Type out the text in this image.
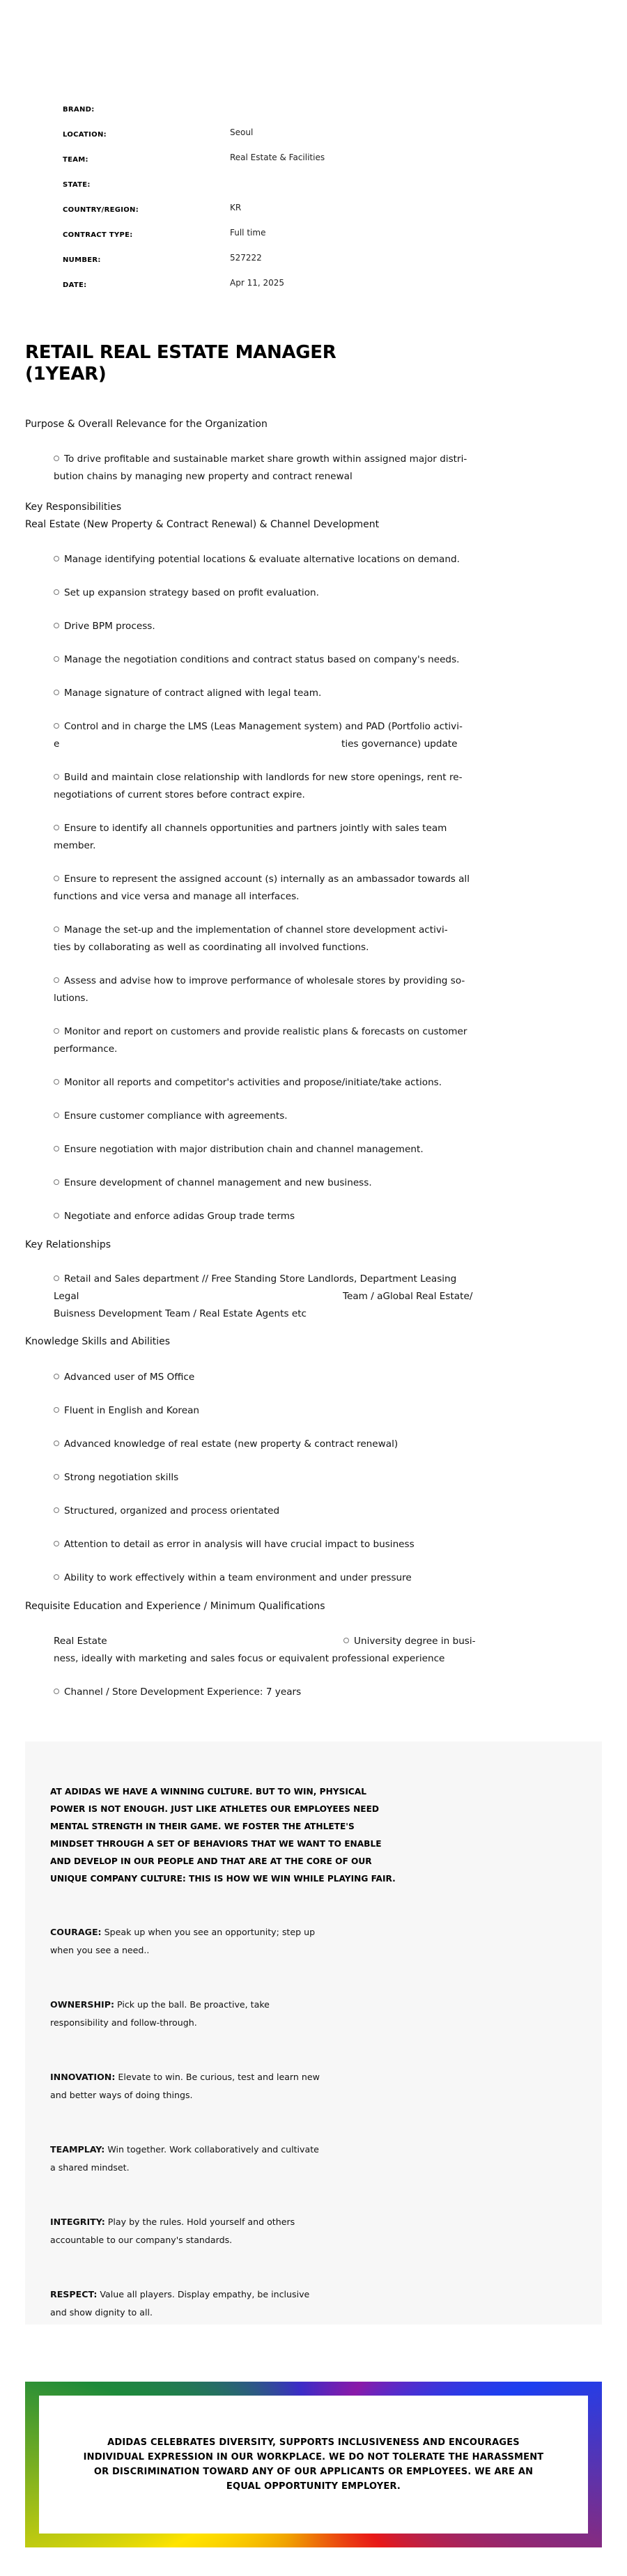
BRAND:
LOCATION:	Seoul
TEAM:	Real Estate & Facilities
STATE:
COUNTRY/REGION:	KR
CONTRACT TYPE:	Full time
NUMBER:	527222
DATE:	Apr 11, 2025
RETAIL REAL ESTATE MANAGER
(1YEAR)
Purpose & Overall Relevance for the Organization
To drive profitable and sustainable market share growth within assigned major distri-
bution chains by managing new property and contract renewal
Key Responsibilities
Real Estate (New Property & Contract Renewal) & Channel Development
Manage identifying potential locations & evaluate alternative locations on demand.
Set up expansion strategy based on profit evaluation.
Drive BPM process.
Manage the negotiation conditions and contract status based on company's needs.
Manage signature of contract aligned with legal team.
Control and in charge the LMS (Leas Management system) and PAD (Portfolio activi-
e	ties governance) update
Build and maintain close relationship with landlords for new store openings, rent re-
negotiations of current stores before contract expire.
Ensure to identify all channels opportunities and partners jointly with sales team
member.
Ensure to represent the assigned account (s) internally as an ambassador towards all
functions and vice versa and manage all interfaces.
Manage the set-up and the implementation of channel store development activi-
ties by collaborating as well as coordinating all involved functions.
Assess and advise how to improve performance of wholesale stores by providing so-
lutions.
Monitor and report on customers and provide realistic plans & forecasts on customer
performance.
Monitor all reports and competitor's activities and propose/initiate/take actions.
Ensure customer compliance with agreements.
Ensure negotiation with major distribution chain and channel management.
Ensure development of channel management and new business.
Negotiate and enforce adidas Group trade terms
Key Relationships
Retail and Sales department // Free Standing Store Landlords, Department Leasing
Legal	Team / aGlobal Real Estate/
Buisness Development Team / Real Estate Agents etc
Knowledge Skills and Abilities
Advanced user of MS Office
Fluent in English and Korean
Advanced knowledge of real estate (new property & contract renewal)
Strong negotiation skills
Structured, organized and process orientated
Attention to detail as error in analysis will have crucial impact to business
Ability to work effectively within a team environment and under pressure
Requisite Education and Experience / Minimum Qualifications
Real Estate	University degree in busi-
ness, ideally with marketing and sales focus or equivalent professional experience
Channel / Store Development Experience: 7 years
AT ADIDAS WE HAVE A WINNING CULTURE. BUT TO WIN, PHYSICAL
POWER IS NOT ENOUGH. JUST LIKE ATHLETES OUR EMPLOYEES NEED
MENTAL STRENGTH IN THEIR GAME. WE FOSTER THE ATHLETE'S
MINDSET THROUGH A SET OF BEHAVIORS THAT WE WANT TO ENABLE
AND DEVELOP IN OUR PEOPLE AND THAT ARE AT THE CORE OF OUR
UNIQUE COMPANY CULTURE: THIS IS HOW WE WIN WHILE PLAYING FAIR.
COURAGE: Speak up when you see an opportunity; step up
when you see a need..
OWNERSHIP: Pick up the ball. Be proactive, take
responsibility and follow-through.
INNOVATION: Elevate to win. Be curious, test and learn new
and better ways of doing things.
TEAMPLAY: Win together. Work collaboratively and cultivate
a shared mindset.
INTEGRITY: Play by the rules. Hold yourself and others
accountable to our company's standards.
RESPECT: Value all players. Display empathy, be inclusive
and show dignity to all.
ADIDAS CELEBRATES DIVERSITY, SUPPORTS INCLUSIVENESS AND ENCOURAGES
INDIVIDUAL EXPRESSION IN OUR WORKPLACE. WE DO NOT TOLERATE THE HARASSMENT
OR DISCRIMINATION TOWARD ANY OF OUR APPLICANTS OR EMPLOYEES. WE ARE AN
EQUAL OPPORTUNITY EMPLOYER.
